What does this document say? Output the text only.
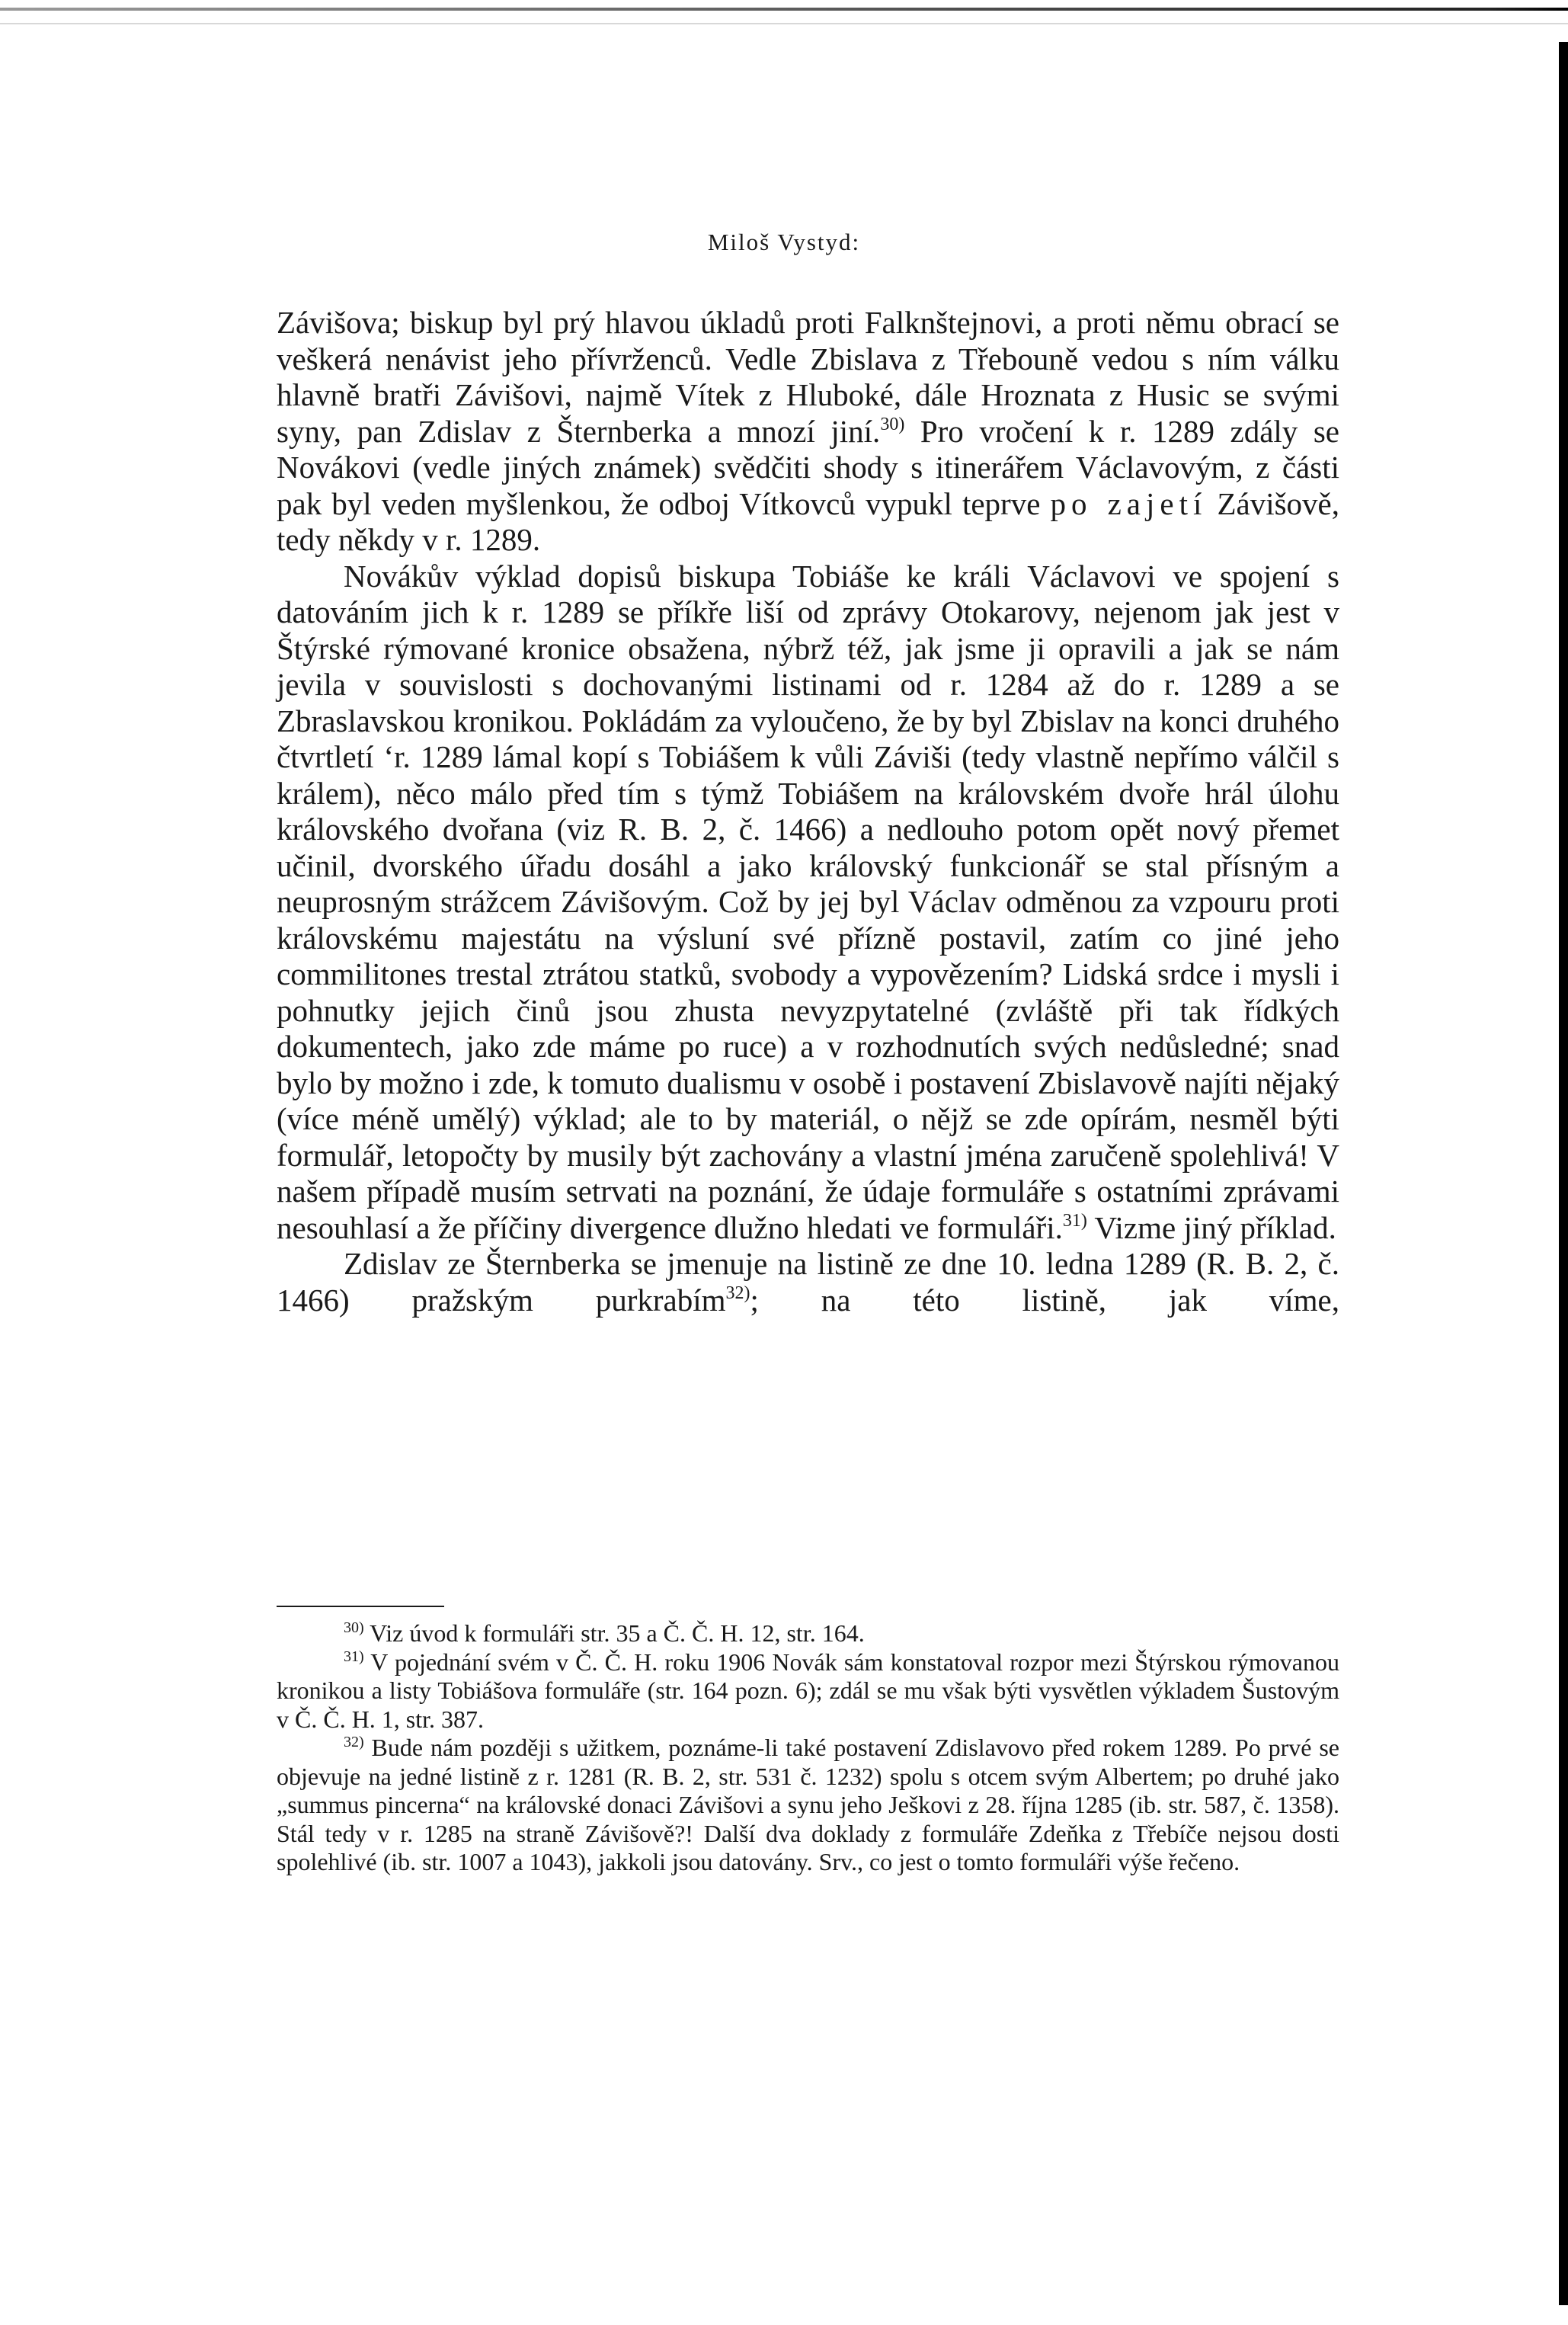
Miloš Vystyd:

Závišova; biskup byl prý hlavou úkladů proti Falknštejnovi, a proti němu obrací se veškerá nenávist jeho přívrženců. Vedle Zbislava z Třebouně vedou s ním válku hlavně bratři Závišovi, najmě Vítek z Hluboké, dále Hroznata z Husic se svými syny, pan Zdislav z Šternberka a mnozí jiní.$^{30)}$ Pro vročení k r. 1289 zdály se Novákovi (vedle jiných známek) svědčiti shody s itinerářem Václavovým, z části pak byl veden myšlenkou, že odboj Vítkovců vypukl teprve po zajetí Závišově, tedy někdy v r. 1289.

Novákův výklad dopisů biskupa Tobiáše ke králi Václavovi ve spojení s datováním jich k r. 1289 se příkře liší od zprávy Otokarovy, nejenom jak jest v Štýrské rýmované kronice obsažena, nýbrž též, jak jsme ji opravili a jak se nám jevila v souvislosti s dochovanými listinami od r. 1284 až do r. 1289 a se Zbraslavskou kronikou. Pokládám za vyloučeno, že by byl Zbislav na konci druhého čtvrtletí ʻr. 1289 lámal kopí s Tobiášem k vůli Záviši (tedy vlastně nepřímo válčil s králem), něco málo před tím s týmž Tobiášem na královském dvoře hrál úlohu královského dvořana (viz R. B. 2, č. 1466) a nedlouho potom opět nový přemet učinil, dvorského úřadu dosáhl a jako královský funkcionář se stal přísným a neuprosným strážcem Závišovým. Což by jej byl Václav odměnou za vzpouru proti královskému majestátu na výsluní své přízně postavil, zatím co jiné jeho commilitones trestal ztrátou statků, svobody a vypovězením? Lidská srdce i mysli i pohnutky jejich činů jsou zhusta nevyzpytatelné (zvláště při tak řídkých dokumentech, jako zde máme po ruce) a v rozhodnutích svých nedůsledné; snad bylo by možno i zde, k tomuto dualismu v osobě i postavení Zbislavově najíti nějaký (více méně umělý) výklad; ale to by materiál, o nějž se zde opírám, nesměl býti formulář, letopočty by musily být zachovány a vlastní jména zaručeně spolehlivá! V našem případě musím setrvati na poznání, že údaje formuláře s ostatními zprávami nesouhlasí a že příčiny divergence dlužno hledati ve formuláři.$^{31)}$ Vizme jiný příklad.

Zdislav ze Šternberka se jmenuje na listině ze dne 10. ledna 1289 (R. B. 2, č. 1466) pražským purkrabím$^{32)}$; na této listině, jak víme,

$^{30)}$ Viz úvod k formuláři str. 35 a Č. Č. H. 12, str. 164.

$^{31)}$ V pojednání svém v Č. Č. H. roku 1906 Novák sám konstatoval rozpor mezi Štýrskou rýmovanou kronikou a listy Tobiášova formuláře (str. 164 pozn. 6); zdál se mu však býti vysvětlen výkladem Šustovým v Č. Č. H. 1, str. 387.

$^{32)}$ Bude nám později s užitkem, poznáme-li také postavení Zdislavovo před rokem 1289. Po prvé se objevuje na jedné listině z r. 1281 (R. B. 2, str. 531 č. 1232) spolu s otcem svým Albertem; po druhé jako „summus pincerna“ na královské donaci Závišovi a synu jeho Ješkovi z 28. října 1285 (ib. str. 587, č. 1358). Stál tedy v r. 1285 na straně Závišově?! Další dva doklady z formuláře Zdeňka z Třebíče nejsou dosti spolehlivé (ib. str. 1007 a 1043), jakkoli jsou datovány. Srv., co jest o tomto formuláři výše řečeno.
